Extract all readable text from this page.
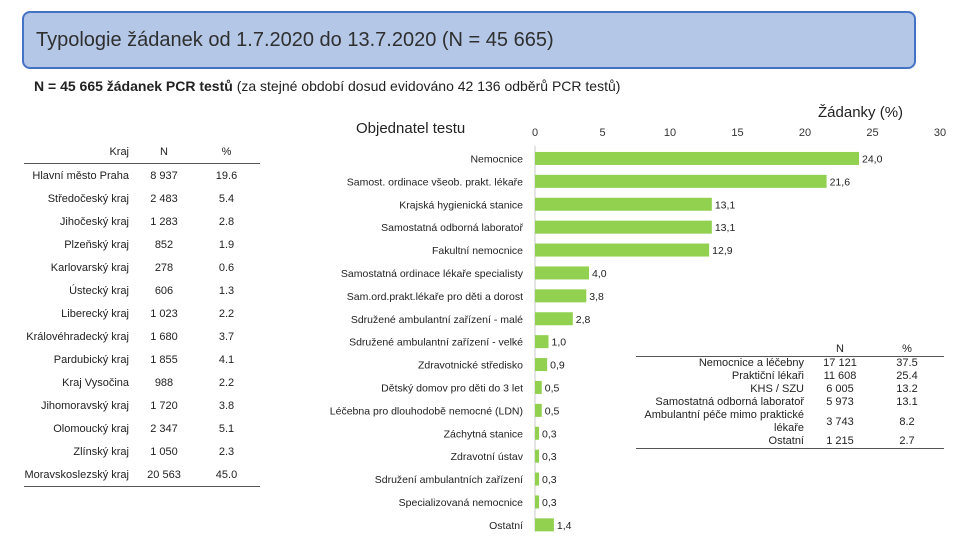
Typologie žádanek od 1.7.2020 do 13.7.2020 (N = 45 665)
N = 45 665 žádanek PCR testů (za stejné období dosud evidováno 42 136 odběrů PCR testů)
Kraj	N	%
Hlavní město Praha	8 937	19.6
Středočeský kraj	2 483	5.4
Jihočeský kraj	1 283	2.8
Plzeňský kraj	852	1.9
Karlovarský kraj	278	0.6
Ústecký kraj	606	1.3
Liberecký kraj	1 023	2.2
Královéhradecký kraj	1 680	3.7
Pardubický kraj	1 855	4.1
Kraj Vysočina	988	2.2
Jihomoravský kraj	1 720	3.8
Olomoucký kraj	2 347	5.1
Zlínský kraj	1 050	2.3
Moravskoslezský kraj	20 563	45.0
Objednatel testu
Žádanky (%)
0	5	10	15	20	25	30
Nemocnice	24,0
Samost. ordinace všeob. prakt. lékaře	21,6
Krajská hygienická stanice	13,1
Samostatná odborná laboratoř	13,1
Fakultní nemocnice	12,9
Samostatná ordinace lékaře specialisty	4,0
Sam.ord.prakt.lékaře pro děti a dorost	3,8
Sdružené ambulantní zařízení - malé	2,8
Sdružené ambulantní zařízení - velké	1,0
Zdravotnické středisko	0,9
Dětský domov pro děti do 3 let 0,5
Léčebna pro dlouhodobě nemocné (LDN) 0,5
Záchytná stanice 0,3
Zdravotní ústav 0,3
Sdružení ambulantních zařízení 0,3
Specializovaná nemocnice 0,3
Ostatní	1,4
	N	%
Nemocnice a léčebny	17 121	37.5
Praktiční lékaři	11 608	25.4
KHS / SZU	6 005	13.2
Samostatná odborná laboratoř	5 973	13.1
Ambulantní péče mimo praktické lékaře	3 743	8.2
Ostatní	1 215	2.7
